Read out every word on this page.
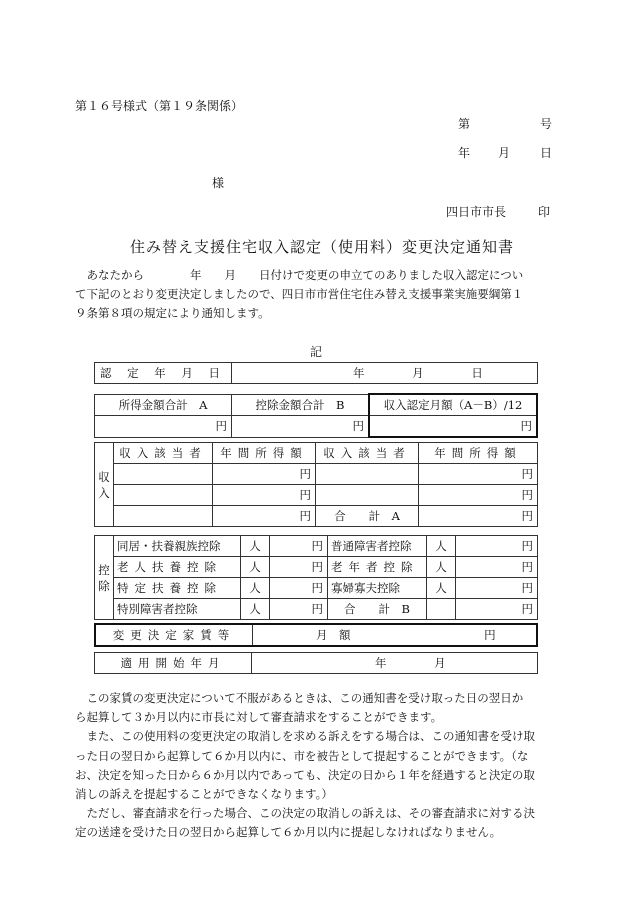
第１６号様式（第１９条関係）
第	号
年 月 日
様
四日市市長	印
住み替え支援住宅収入認定（使用料）変更決定通知書

あなたから　　　　年　　月　　日付けで変更の申立てのありました収入認定につい

て下記のとおり変更決定しましたので、四日市市営住宅住み替え支援事業実施要綱第１
９条第８項の規定により通知します。
記
認 定 年 月 日	年	月	日
所得金額合計　A	控除金額合計　B	収入認定月額（A－B）/12
円	円	円
収入	収入該当者	年間所得額	収入該当者	年間所得額
		円		円
		円		円
		円	合　　計　A	円
控除	同居・扶養親族控除	人	円	普通障害者控除	人	円
	老人扶養控除	人	円	老年者控除	人	円
	特定扶養控除	人	円	寡婦寡夫控除	人	円
	特別障害者控除	人	円	合　　計　B		円
変更決定家賃等	月　額	円
適用開始年月	年	月

この家賃の変更決定について不服があるときは、この通知書を受け取った日の翌日か

ら起算して３か月以内に市長に対して審査請求をすることができます。

また、この使用料の変更決定の取消しを求める訴えをする場合は、この通知書を受け取

った日の翌日から起算して６か月以内に、市を被告として提起することができます。（な
お、決定を知った日から６か月以内であっても、決定の日から１年を経過すると決定の取
消しの訴えを提起することができなくなります。）

ただし、審査請求を行った場合、この決定の取消しの訴えは、その審査請求に対する決

定の送達を受けた日の翌日から起算して６か月以内に提起しなければなりません。
